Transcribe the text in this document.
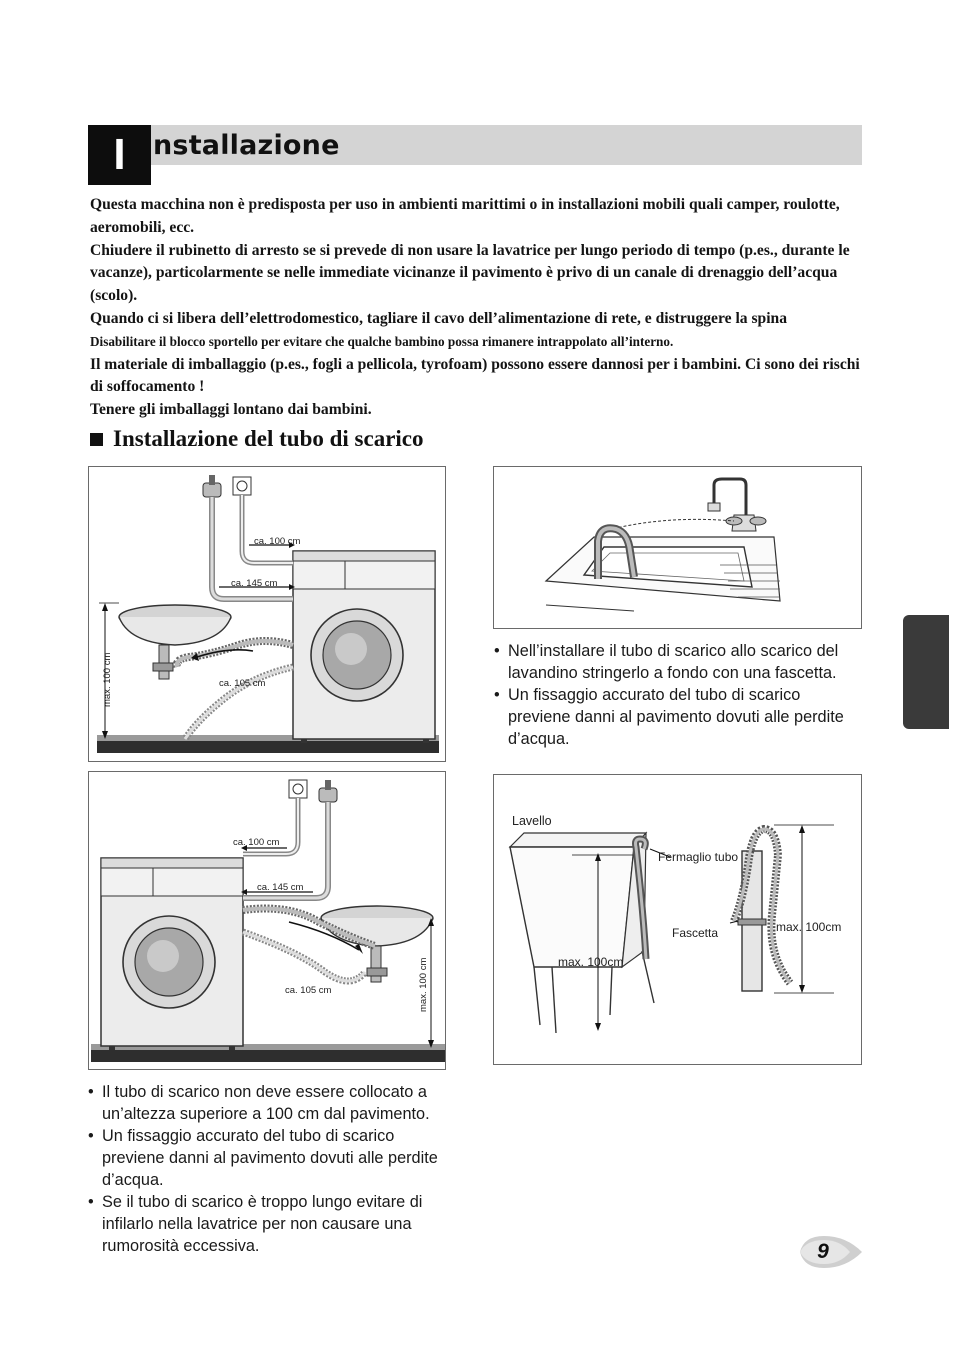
I	nstallazione

Questa macchina non è predisposta per uso in ambienti marittimi o in installazioni mobili quali camper, roulotte, aeromobili, ecc.

Chiudere il rubinetto di arresto se si prevede di non usare la lavatrice per lungo periodo di tempo (p.es., durante le vacanze), particolarmente se nelle immediate vicinanze il pavimento è privo di un canale di drenaggio dell’acqua (scolo).

Quando ci si libera dell’elettrodomestico, tagliare il cavo dell’alimentazione di rete, e distruggere la spina

Disabilitare il blocco sportello per evitare che qualche bambino possa rimanere intrappolato all’interno.

Il materiale di imballaggio (p.es., fogli a pellicola, tyrofoam) possono essere dannosi per i bambini. Ci sono dei rischi di soffocamento !

Tenere gli imballaggi lontano dai bambini.

Installazione del tubo di scarico
ca. 100 cm
ca. 145 cm
ca. 105 cm
max. 100 cm
ca. 100 cm
ca. 145 cm
ca. 105 cm	max. 100 cm
Lavello
max. 100cm
Fermaglio tubo
Fascetta	max. 100cm
• Nell’installare il tubo di scarico allo scarico del lavandino stringerlo a fondo con una fascetta.
• Un fissaggio accurato del tubo di scarico previene danni al pavimento dovuti alle perdite d’acqua.
• Il tubo di scarico non deve essere collocato a un’altezza superiore a 100 cm dal pavimento.
• Un fissaggio accurato del tubo di scarico previene danni al pavimento dovuti alle perdite d’acqua.
• Se il tubo di scarico è troppo lungo evitare di infilarlo nella lavatrice per non causare una rumorosità eccessiva.	9
